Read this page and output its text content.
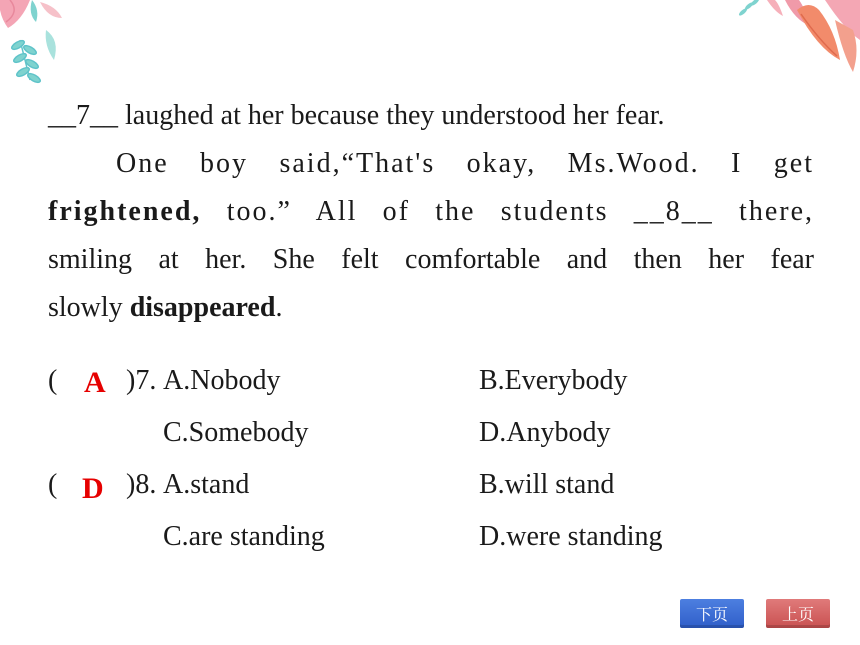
__7__ laughed at her because they understood her fear.

One boy said,“That's okay, Ms.Wood. I get

frightened, too.” All of the students __8__ there,

smiling at her. She felt comfortable and then her fear

slowly disappeared.

( A )7. A.Nobody	B.Everybody
C.Somebody	D.Anybody
( D )8. A.stand	B.will stand
C.are standing	D.were standing
下页	上页
